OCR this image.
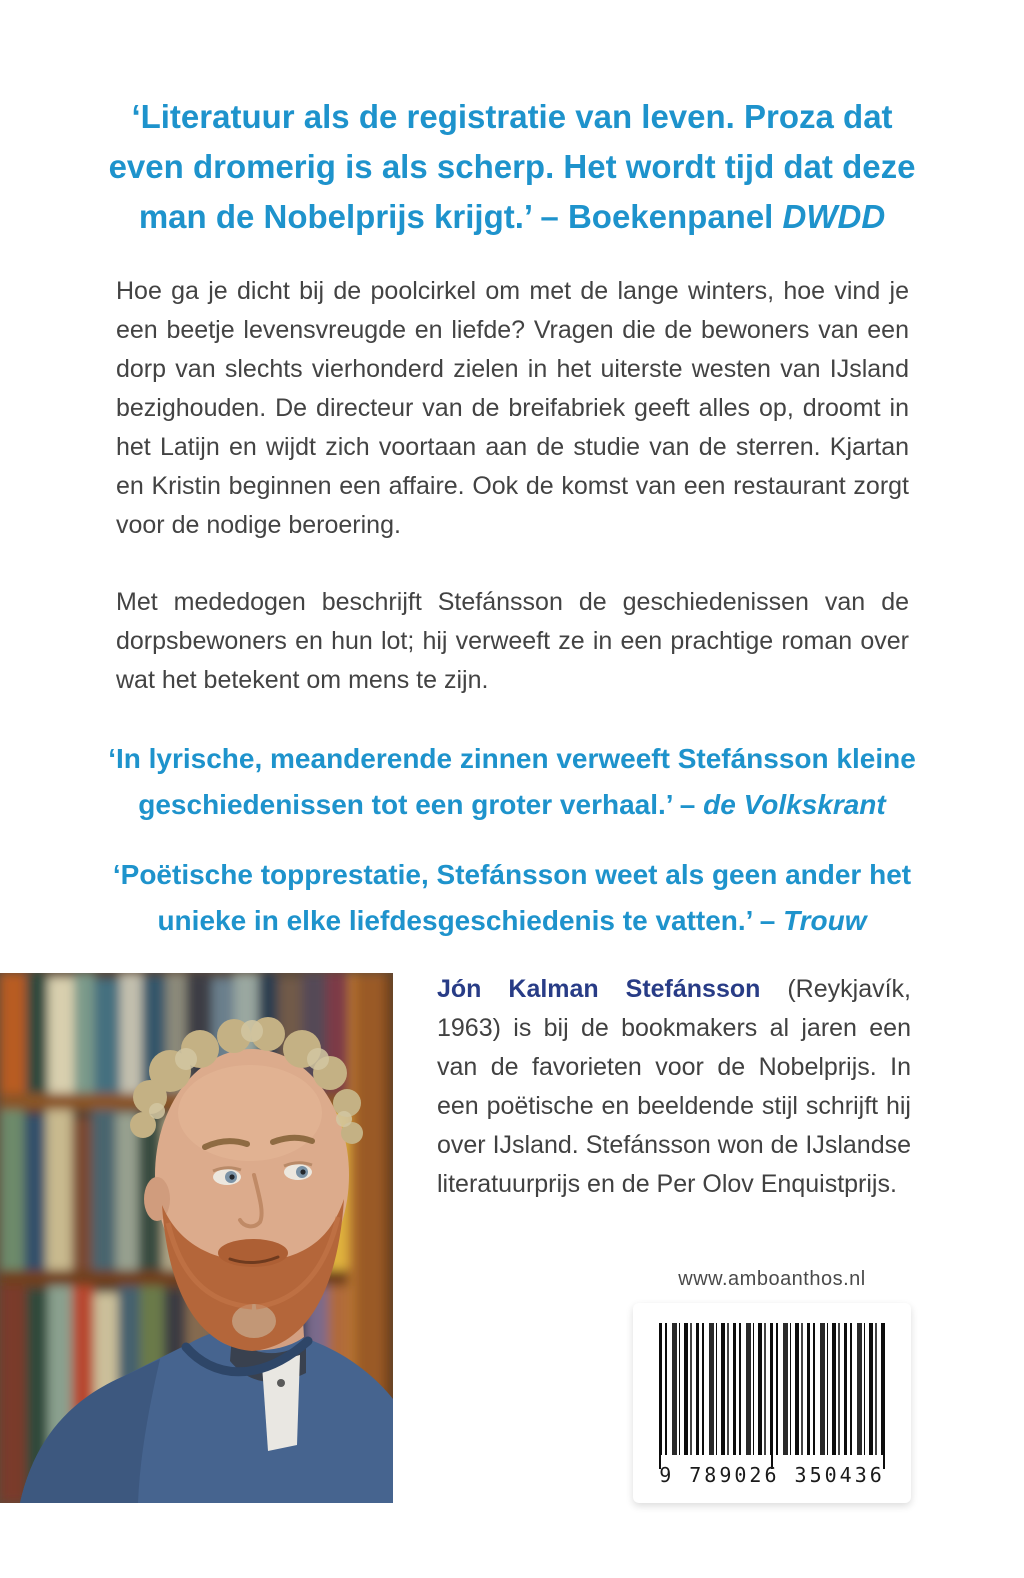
‘Literatuur als de registratie van leven. Proza dat even dromerig is als scherp. Het wordt tijd dat deze man de Nobelprijs krijgt.’ – Boekenpanel DWDD

Hoe ga je dicht bij de poolcirkel om met de lange winters, hoe vind je een beetje levensvreugde en liefde? Vragen die de bewoners van een dorp van slechts vierhonderd zielen in het uiterste westen van IJsland bezighouden. De directeur van de breifabriek geeft alles op, droomt in het Latijn en wijdt zich voortaan aan de studie van de sterren. Kjartan en Kristin beginnen een affaire. Ook de komst van een restaurant zorgt voor de nodige beroering.

Met mededogen beschrijft Stefánsson de geschiedenissen van de dorpsbewoners en hun lot; hij verweeft ze in een prachtige roman over wat het betekent om mens te zijn.

‘In lyrische, meanderende zinnen verweeft Stefánsson kleine geschiedenissen tot een groter verhaal.’ – de Volkskrant
‘Poëtische topprestatie, Stefánsson weet als geen ander het unieke in elke liefdesgeschiedenis te vatten.’ – Trouw

Jón Kalman Stefánsson (Reykjavík, 1963) is bij de bookmakers al jaren een van de favorieten voor de Nobelprijs. In een poëtische en beeldende stijl schrijft hij over IJsland. Stefánsson won de IJslandse literatuurprijs en de Per Olov Enquistprijs.

www.amboanthos.nl
9 789026 350436
